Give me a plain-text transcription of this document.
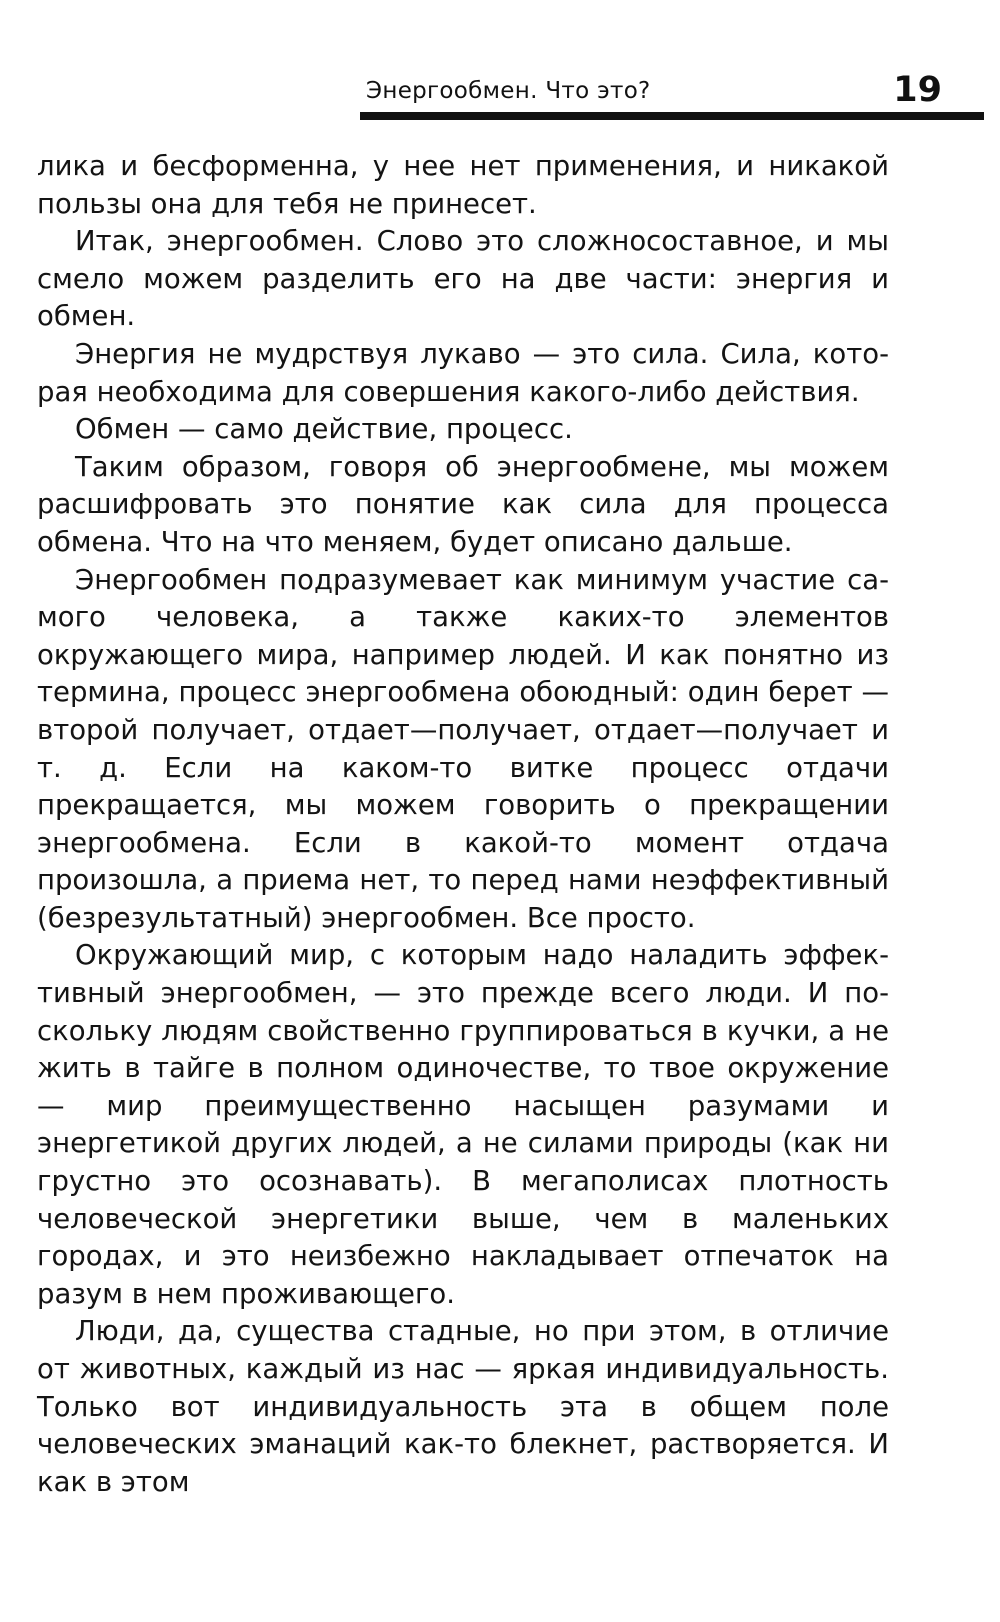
Энергообмен. Что это?	19

лика и бесформенна, у нее нет применения, и никакой пользы она для тебя не принесет.

Итак, энергообмен. Слово это сложносоставное, и мы смело можем разделить его на две части: энергия и обмен.

Энергия не мудрствуя лукаво — это сила. Сила, которая необходима для совершения какого-либо действия.

Обмен — само действие, процесс.

Таким образом, говоря об энергообмене, мы можем расшифровать это понятие как сила для процесса обмена. Что на что меняем, будет описано дальше.

Энергообмен подразумевает как минимум участие самого человека, а также каких-то элементов окружающего мира, например людей. И как понятно из термина, процесс энергообмена обоюдный: один берет — второй получает, отдает—получает, отдает—получает и т. д. Если на каком-то витке процесс отдачи прекращается, мы можем говорить о прекращении энергообмена. Если в какой-то момент отдача произошла, а приема нет, то перед нами неэффективный (безрезультатный) энергообмен. Все просто.

Окружающий мир, с которым надо наладить эффективный энергообмен, — это прежде всего люди. И поскольку людям свойственно группироваться в кучки, а не жить в тайге в полном одиночестве, то твое окружение — мир преимущественно насыщен разумами и энергетикой других людей, а не силами природы (как ни грустно это осознавать). В мегаполисах плотность человеческой энергетики выше, чем в маленьких городах, и это неизбежно накладывает отпечаток на разум в нем проживающего.

Люди, да, существа стадные, но при этом, в отличие от животных, каждый из нас — яркая индивидуальность. Только вот индивидуальность эта в общем поле человеческих эманаций как-то блекнет, растворяется. И как в этом
